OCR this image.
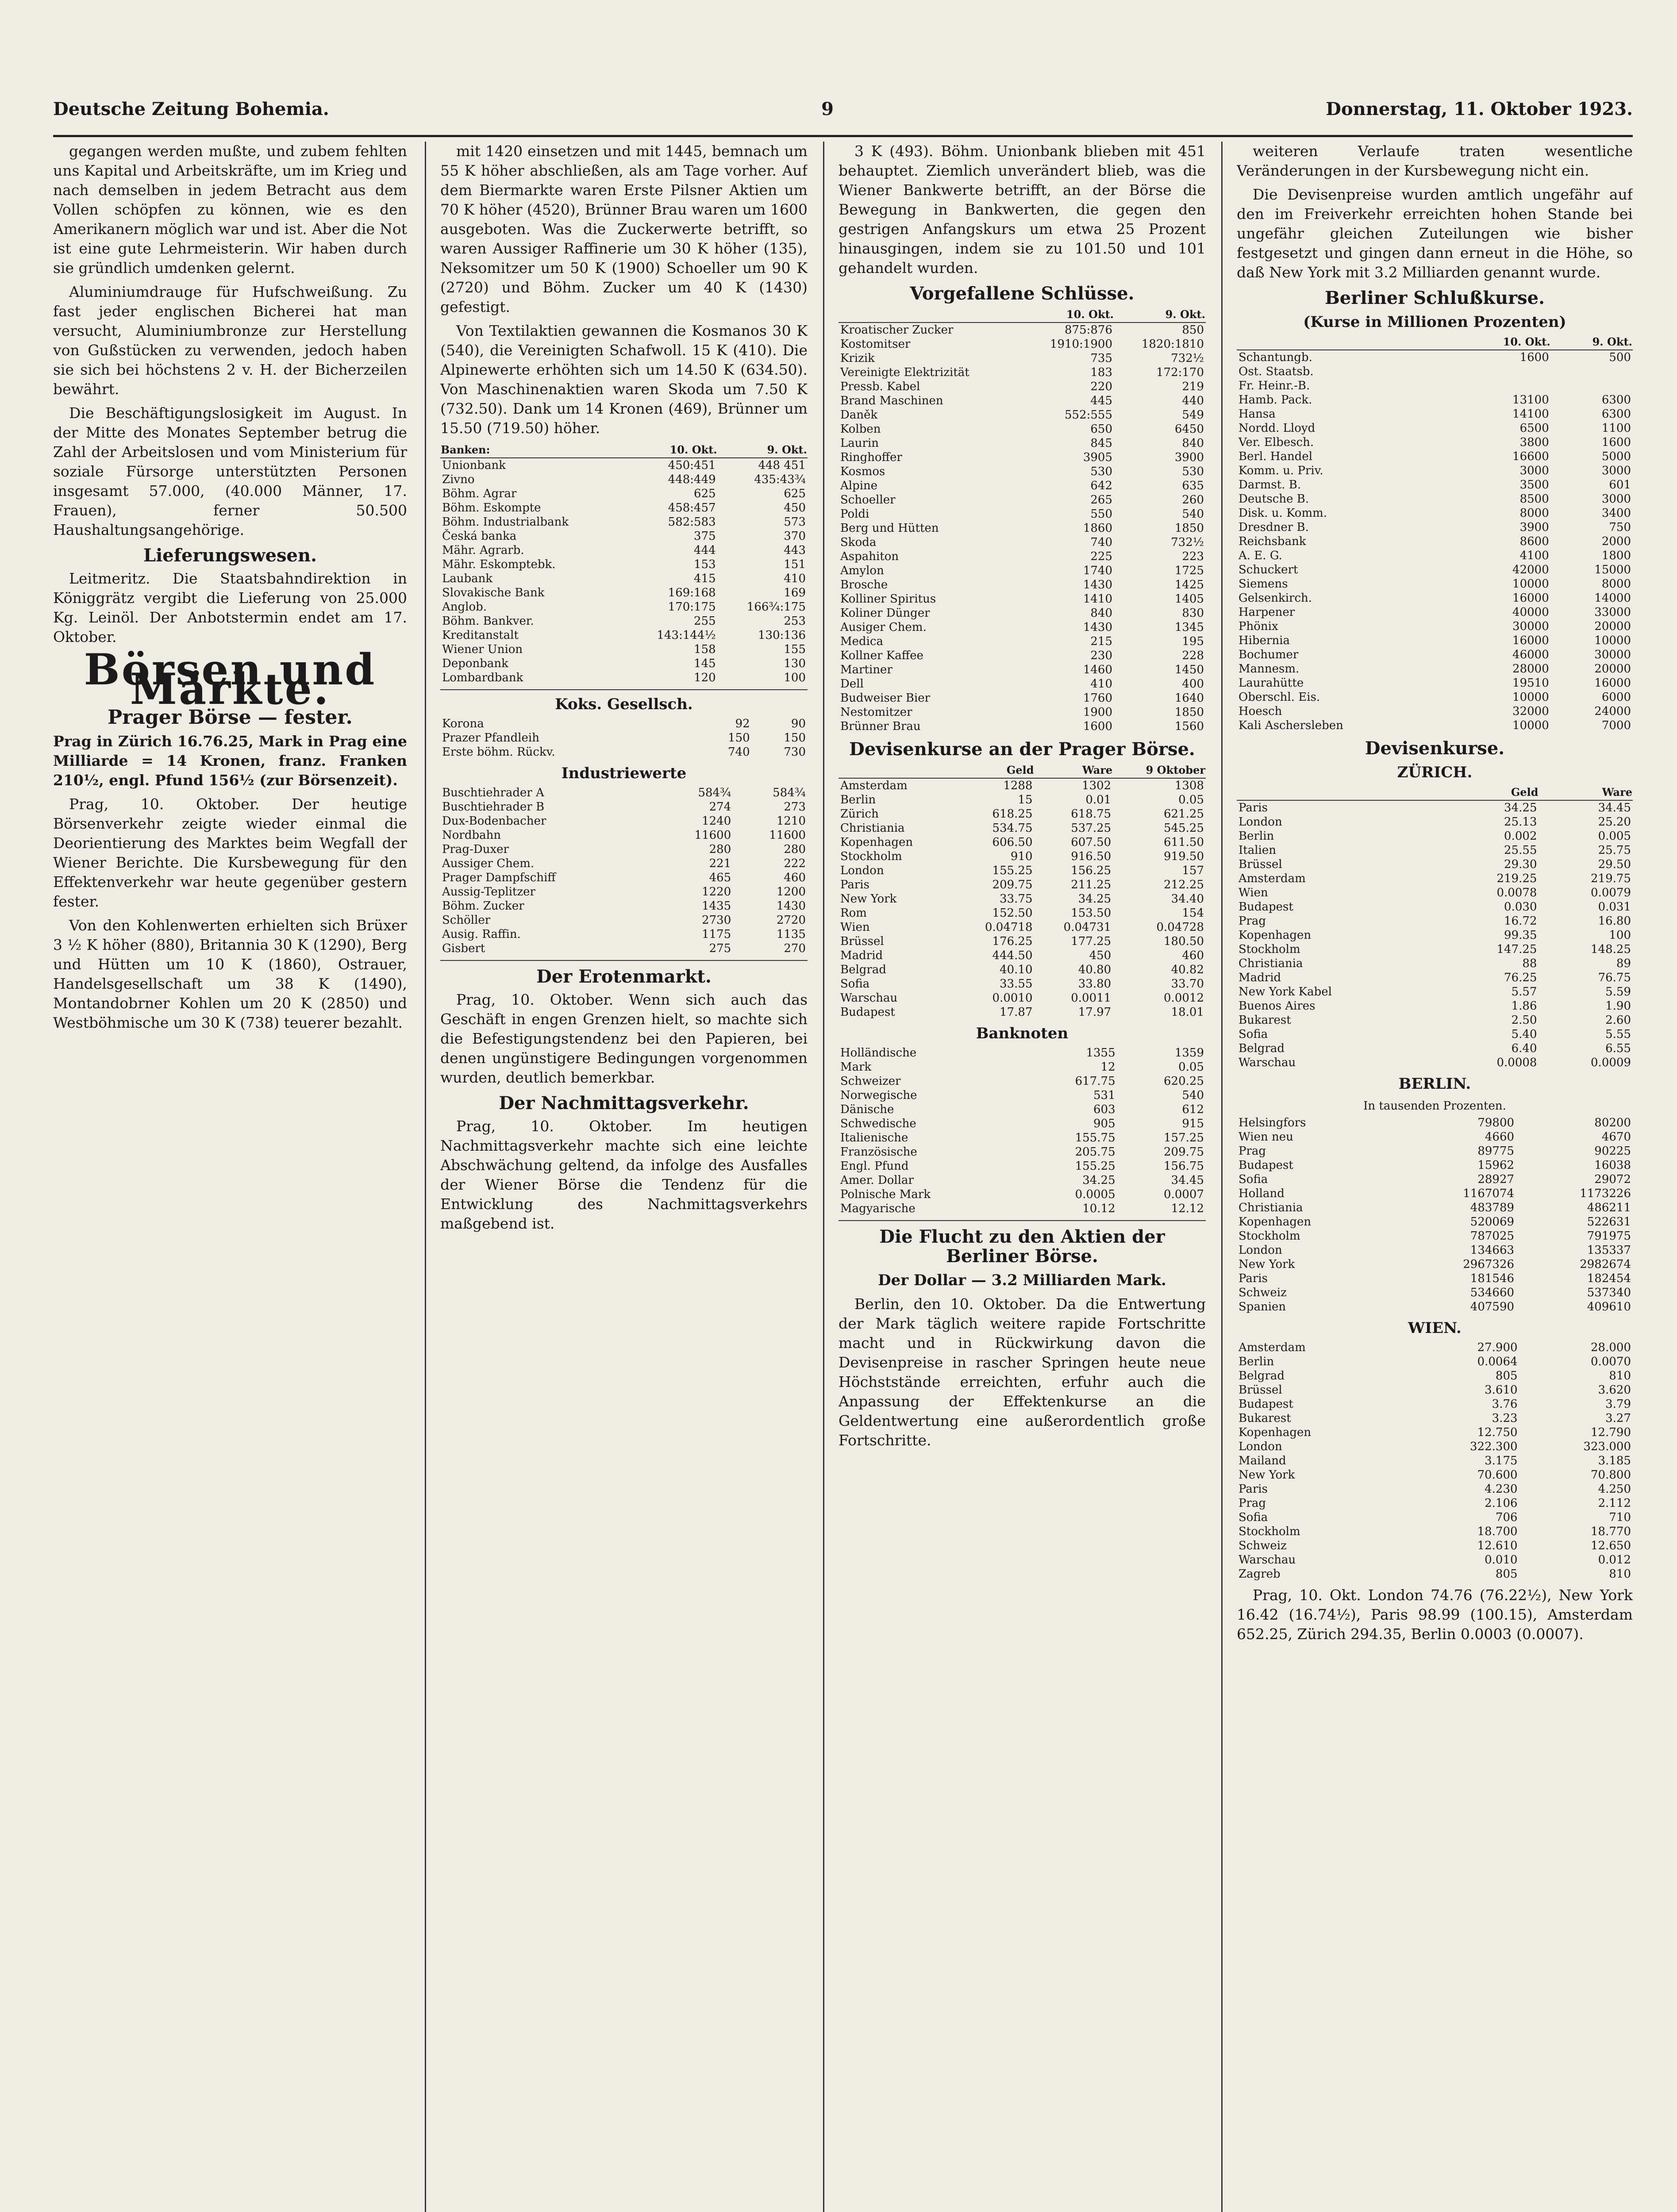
Deutsche Zeitung Bohemia.	9	Donnerstag, 11. Oktober 1923.

gegangen werden mußte, und zubem fehlten uns Kapital und Arbeitskräfte, um im Krieg und nach demselben in jedem Betracht aus dem Vollen schöpfen zu können, wie es den Amerikanern möglich war und ist. Aber die Not ist eine gute Lehrmeisterin. Wir haben durch sie gründlich umdenken gelernt.

Aluminiumdrauge für Hufschweißung. Zu fast jeder englischen Bicherei hat man versucht, Aluminiumbronze zur Herstellung von Gußstücken zu verwenden, jedoch haben sie sich bei höchstens 2 v. H. der Bicherzeilen bewährt.

Die Beschäftigungslosigkeit im August. In der Mitte des Monates September betrug die Zahl der Arbeitslosen und vom Ministerium für soziale Fürsorge unterstützten Personen insgesamt 57.000, (40.000 Männer, 17. Frauen), ferner 50.500 Haushaltungsangehörige.

Lieferungswesen.

Leitmeritz. Die Staatsbahndirektion in Königgrätz vergibt die Lieferung von 25.000 Kg. Leinöl. Der Anbotstermin endet am 17. Oktober.

Börsen und Märkte.
Prager Börse — fester.

Prag in Zürich 16.76.25, Mark in Prag eine Milliarde = 14 Kronen, franz. Franken 210½, engl. Pfund 156½ (zur Börsenzeit).

Prag, 10. Oktober. Der heutige Börsenverkehr zeigte wieder einmal die Deorientierung des Marktes beim Wegfall der Wiener Berichte. Die Kursbewegung für den Effektenverkehr war heute gegenüber gestern fester.

Von den Kohlenwerten erhielten sich Brüxer 3 ½ K höher (880), Britannia 30 K (1290), Berg und Hütten um 10 K (1860), Ostrauer, Handelsgesellschaft um 38 K (1490), Montandobrner Kohlen um 20 K (2850) und Westböhmische um 30 K (738) teuerer bezahlt.

mit 1420 einsetzen und mit 1445, bemnach um 55 K höher abschließen, als am Tage vorher. Auf dem Biermarkte waren Erste Pilsner Aktien um 70 K höher (4520), Brünner Brau waren um 1600 ausgeboten. Was die Zuckerwerte betrifft, so waren Aussiger Raffinerie um 30 K höher (135), Neksomitzer um 50 K (1900) Schoeller um 90 K (2720) und Böhm. Zucker um 40 K (1430) gefestigt.

Von Textilaktien gewannen die Kosmanos 30 K (540), die Vereinigten Schafwoll. 15 K (410). Die Alpinewerte erhöhten sich um 14.50 K (634.50). Von Maschinenaktien waren Skoda um 7.50 K (732.50). Dank um 14 Kronen (469), Brünner um 15.50 (719.50) höher.

Banken:	10. Okt.	9. Okt.
Unionbank	450:451	448 451
Zivno	448:449	435:43¾
Böhm. Agrar	625	625
Böhm. Eskompte	458:457	450
Böhm. Industrialbank	582:583	573
Česká banka	375	370
Mähr. Agrarb.	444	443
Mähr. Eskomptebk.	153	151
Laubank	415	410
Slovakische Bank	169:168	169
Anglob.	170:175	166¾:175
Böhm. Bankver.	255	253
Kreditanstalt	143:144½	130:136
Wiener Union	158	155
Deponbank	145	130
Lombardbank	120	100
Koks. Gesellsch.
Korona	92	90
Prazer Pfandleih	150	150
Erste böhm. Rückv.	740	730
Industriewerte
Buschtiehrader A	584¾	584¾
Buschtiehrader B	274	273
Dux-Bodenbacher	1240	1210
Nordbahn	11600	11600
Prag-Duxer	280	280
Aussiger Chem.	221	222
Prager Dampfschiff	465	460
Aussig-Teplitzer	1220	1200
Böhm. Zucker	1435	1430
Schöller	2730	2720
Ausig. Raffin.	1175	1135
Gisbert	275	270
Der Erotenmarkt.

Prag, 10. Oktober. Wenn sich auch das Geschäft in engen Grenzen hielt, so machte sich die Befestigungstendenz bei den Papieren, bei denen ungünstigere Bedingungen vorgenommen wurden, deutlich bemerkbar.

Der Nachmittagsverkehr.

Prag, 10. Oktober. Im heutigen Nachmittagsverkehr machte sich eine leichte Abschwächung geltend, da infolge des Ausfalles der Wiener Börse die Tendenz für die Entwicklung des Nachmittagsverkehrs maßgebend ist.

3 K (493). Böhm. Unionbank blieben mit 451 behauptet. Ziemlich unverändert blieb, was die Wiener Bankwerte betrifft, an der Börse die Bewegung in Bankwerten, die gegen den gestrigen Anfangskurs um etwa 25 Prozent hinausgingen, indem sie zu 101.50 und 101 gehandelt wurden.

Vorgefallene Schlüsse.
	10. Okt.	9. Okt.
Kroatischer Zucker	875:876	850
Kostomitser	1910:1900	1820:1810
Krizik	735	732½
Vereinigte Elektrizität	183	172:170
Pressb. Kabel	220	219
Brand Maschinen	445	440
Daněk	552:555	549
Kolben	650	6450
Laurin	845	840
Ringhoffer	3905	3900
Kosmos	530	530
Alpine	642	635
Schoeller	265	260
Poldi	550	540
Berg und Hütten	1860	1850
Skoda	740	732½
Aspahiton	225	223
Amylon	1740	1725
Brosche	1430	1425
Kolliner Spiritus	1410	1405
Koliner Dünger	840	830
Ausiger Chem.	1430	1345
Medica	215	195
Kollner Kaffee	230	228
Martiner	1460	1450
Dell	410	400
Budweiser Bier	1760	1640
Nestomitzer	1900	1850
Brünner Brau	1600	1560
Devisenkurse an der Prager Börse.
	Geld	Ware	9 Oktober
Amsterdam	1288	1302	1308
Berlin	15	0.01	0.05
Zürich	618.25	618.75	621.25
Christiania	534.75	537.25	545.25
Kopenhagen	606.50	607.50	611.50
Stockholm	910	916.50	919.50
London	155.25	156.25	157
Paris	209.75	211.25	212.25
New York	33.75	34.25	34.40
Rom	152.50	153.50	154
Wien	0.04718	0.04731	0.04728
Brüssel	176.25	177.25	180.50
Madrid	444.50	450	460
Belgrad	40.10	40.80	40.82
Sofia	33.55	33.80	33.70
Warschau	0.0010	0.0011	0.0012
Budapest	17.87	17.97	18.01
Banknoten
Holländische	1355	1359
Mark	12	0.05
Schweizer	617.75	620.25
Norwegische	531	540
Dänische	603	612
Schwedische	905	915
Italienische	155.75	157.25
Französische	205.75	209.75
Engl. Pfund	155.25	156.75
Amer. Dollar	34.25	34.45
Polnische Mark	0.0005	0.0007
Magyarische	10.12	12.12
Die Flucht zu den Aktien der Berliner Börse.
Der Dollar — 3.2 Milliarden Mark.

Berlin, den 10. Oktober. Da die Entwertung der Mark täglich weitere rapide Fortschritte macht und in Rückwirkung davon die Devisenpreise in rascher Springen heute neue Höchststände erreichten, erfuhr auch die Anpassung der Effektenkurse an die Geldentwertung eine außerordentlich große Fortschritte.

weiteren Verlaufe traten wesentliche Veränderungen in der Kursbewegung nicht ein.

Die Devisenpreise wurden amtlich ungefähr auf den im Freiverkehr erreichten hohen Stande bei ungefähr gleichen Zuteilungen wie bisher festgesetzt und gingen dann erneut in die Höhe, so daß New York mit 3.2 Milliarden genannt wurde.

Berliner Schlußkurse.
(Kurse in Millionen Prozenten)
	10. Okt.	9. Okt.
Schantungb.	1600	500
Ost. Staatsb.		
Fr. Heinr.-B.		
Hamb. Pack.	13100	6300
Hansa	14100	6300
Nordd. Lloyd	6500	1100
Ver. Elbesch.	3800	1600
Berl. Handel	16600	5000
Komm. u. Priv.	3000	3000
Darmst. B.	3500	601
Deutsche B.	8500	3000
Disk. u. Komm.	8000	3400
Dresdner B.	3900	750
Reichsbank	8600	2000
A. E. G.	4100	1800
Schuckert	42000	15000
Siemens	10000	8000
Gelsenkirch.	16000	14000
Harpener	40000	33000
Phönix	30000	20000
Hibernia	16000	10000
Bochumer	46000	30000
Mannesm.	28000	20000
Laurahütte	19510	16000
Oberschl. Eis.	10000	6000
Hoesch	32000	24000
Kali Aschersleben	10000	7000
Devisenkurse.
ZÜRICH.
	Geld	Ware
Paris	34.25	34.45
London	25.13	25.20
Berlin	0.002	0.005
Italien	25.55	25.75
Brüssel	29.30	29.50
Amsterdam	219.25	219.75
Wien	0.0078	0.0079
Budapest	0.030	0.031
Prag	16.72	16.80
Kopenhagen	99.35	100
Stockholm	147.25	148.25
Christiania	88	89
Madrid	76.25	76.75
New York Kabel	5.57	5.59
Buenos Aires	1.86	1.90
Bukarest	2.50	2.60
Sofia	5.40	5.55
Belgrad	6.40	6.55
Warschau	0.0008	0.0009
BERLIN.
In tausenden Prozenten.
Helsingfors	79800	80200
Wien neu	4660	4670
Prag	89775	90225
Budapest	15962	16038
Sofia	28927	29072
Holland	1167074	1173226
Christiania	483789	486211
Kopenhagen	520069	522631
Stockholm	787025	791975
London	134663	135337
New York	2967326	2982674
Paris	181546	182454
Schweiz	534660	537340
Spanien	407590	409610
WIEN.
Amsterdam	27.900	28.000
Berlin	0.0064	0.0070
Belgrad	805	810
Brüssel	3.610	3.620
Budapest	3.76	3.79
Bukarest	3.23	3.27
Kopenhagen	12.750	12.790
London	322.300	323.000
Mailand	3.175	3.185
New York	70.600	70.800
Paris	4.230	4.250
Prag	2.106	2.112
Sofia	706	710
Stockholm	18.700	18.770
Schweiz	12.610	12.650
Warschau	0.010	0.012
Zagreb	805	810

Prag, 10. Okt. London 74.76 (76.22½), New York 16.42 (16.74½), Paris 98.99 (100.15), Amsterdam 652.25, Zürich 294.35, Berlin 0.0003 (0.0007).
